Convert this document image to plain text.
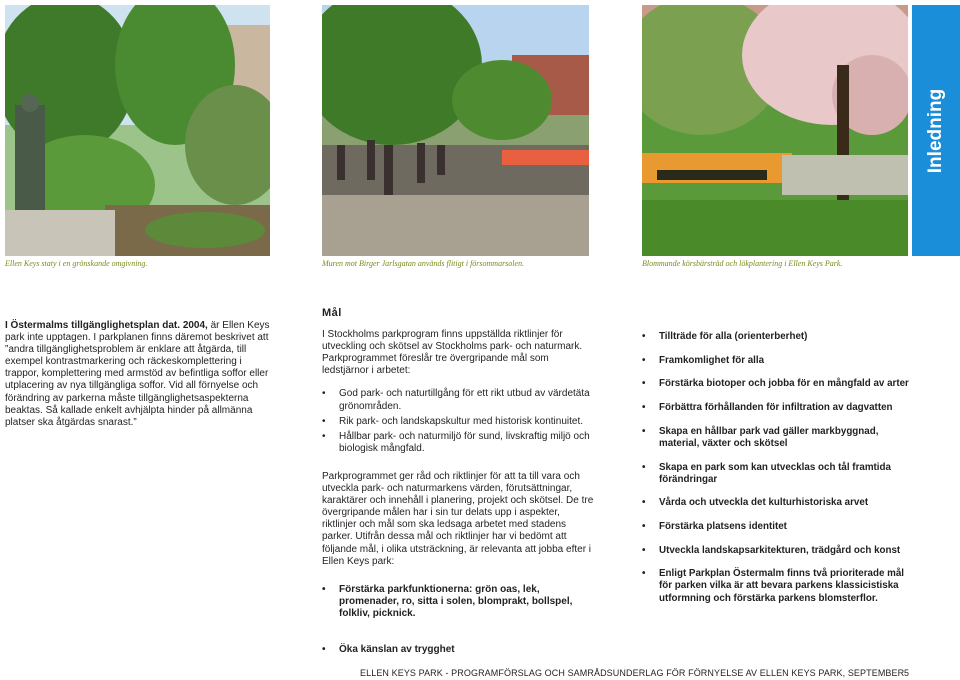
Ellen Keys staty i en grönskande omgivning.	Muren mot Birger Jarlsgatan används flitigt i försommarsolen.	Blommande körsbärsträd och lökplantering i Ellen Keys Park.
Inledning

I Östermalms tillgänglighetsplan dat. 2004, är Ellen Keys park inte upptagen. I parkplanen finns däremot beskrivet att ”andra tillgänglighetsproblem är enklare att åtgärda, till exempel kontrastmarkering och räckeskomplettering i trappor, komplettering med armstöd av befintliga soffor eller utplacering av nya tillgängliga soffor. Vid all förnyelse och förändring av parkerna måste tillgänglighetsaspekterna beaktas. Så kallade enkelt avhjälpta hinder på allmänna platser ska åtgärdas snarast.”

Mål

I Stockholms parkprogram finns uppställda riktlinjer för utveckling och skötsel av Stockholms park- och naturmark. Parkprogrammet föreslår tre övergripande mål som ledstjärnor i arbetet:

• God park- och naturtillgång för ett rikt utbud av värdetäta grönområden.
• Rik park- och landskapskultur med historisk kontinuitet.
• Hållbar park- och naturmiljö för sund, livskraftig miljö och biologisk mångfald.

Parkprogrammet ger råd och riktlinjer för att ta till vara och utveckla park- och naturmarkens värden, förutsättningar, karaktärer och innehåll i planering, projekt och skötsel. De tre övergripande målen har i sin tur delats upp i aspekter, riktlinjer och mål som ska ledsaga arbetet med stadens parker. Utifrån dessa mål och riktlinjer har vi bedömt att följande mål, i olika utsträckning, är relevanta att jobba efter i Ellen Keys park:

• Förstärka parkfunktionerna: grön oas, lek, promenader, ro, sitta i solen, blomprakt, bollspel, folkliv, picknick.
• Öka känslan av trygghet
• Tillträde för alla (orienterberhet)
• Framkomlighet för alla
• Förstärka biotoper och jobba för en mångfald av arter
• Förbättra förhållanden för infiltration av dagvatten
• Skapa en hållbar park vad gäller markbyggnad, material, växter och skötsel
• Skapa en park som kan utvecklas och tål framtida förändringar
• Vårda och utveckla det kulturhistoriska arvet
• Förstärka platsens identitet
• Utveckla landskapsarkitekturen, trädgård och konst
• Enligt Parkplan Östermalm finns två prioriterade mål för parken vilka är att bevara parkens klassicistiska utformning och förstärka parkens blomsterflor.
ELLEN KEYS PARK - PROGRAMFÖRSLAG OCH SAMRÅDSUNDERLAG FÖR FÖRNYELSE AV ELLEN KEYS PARK, SEPTEMBER 5
